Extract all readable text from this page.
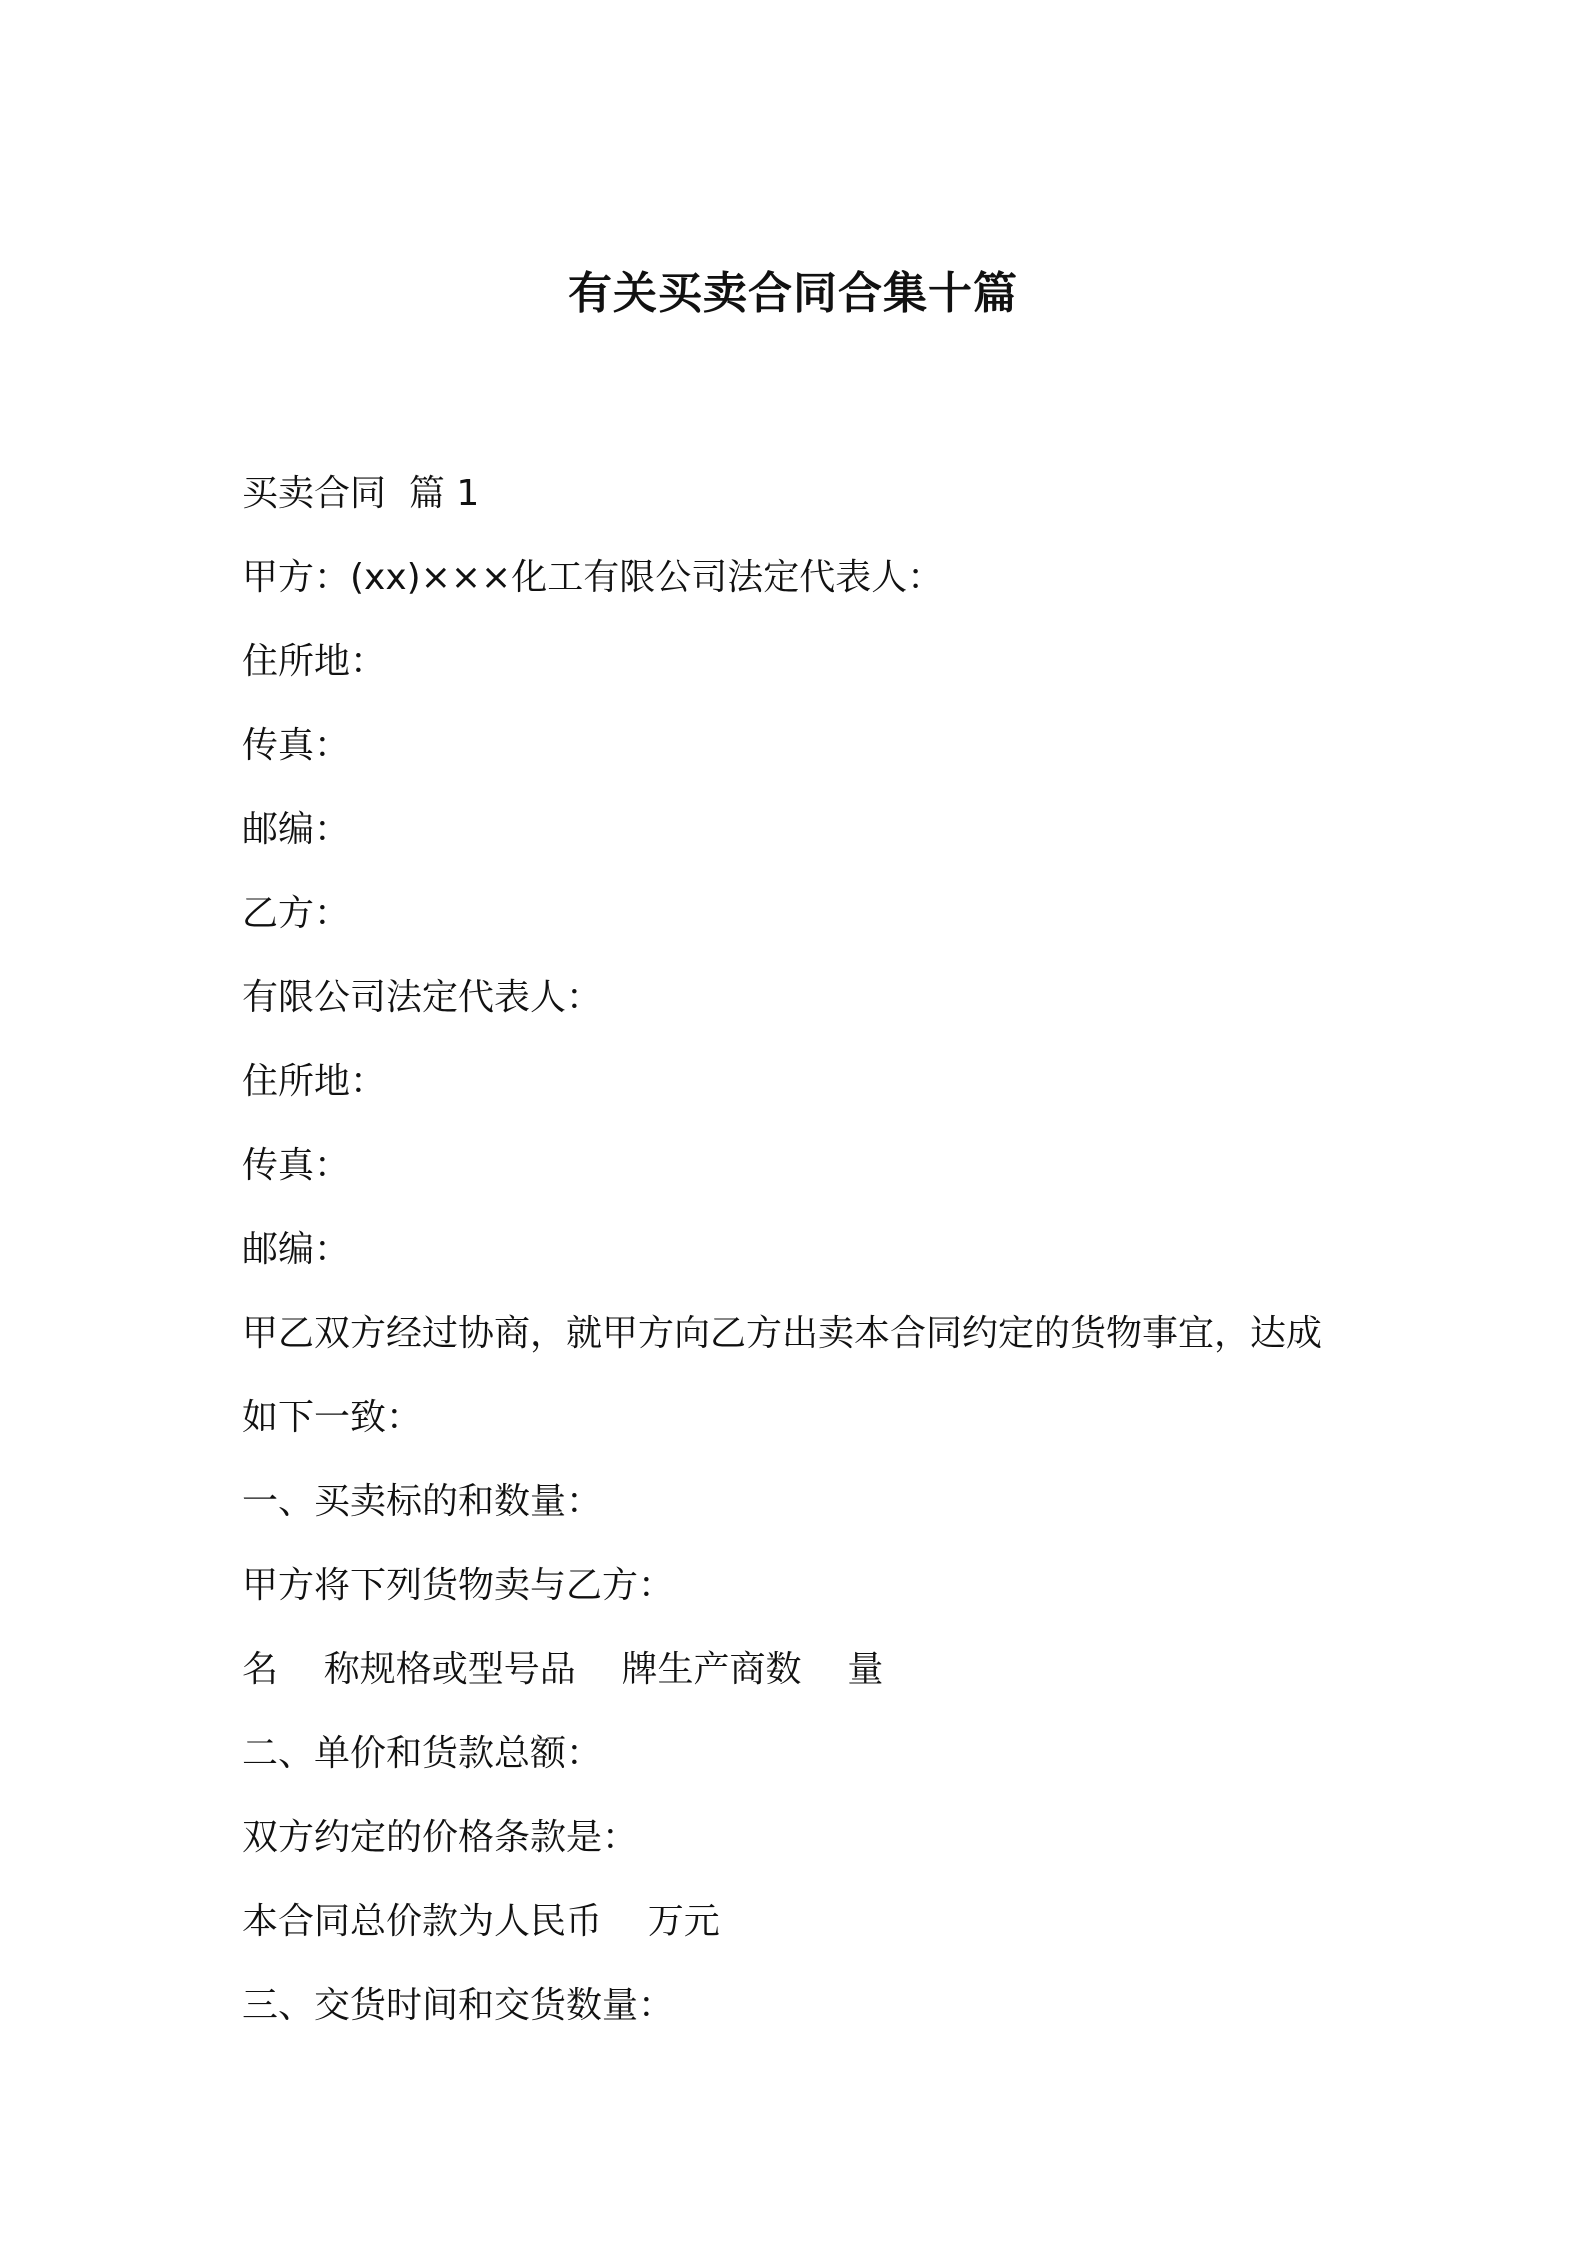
有关买卖合同合集十篇
买卖合同  篇 1
甲方：(xx)×××化工有限公司法定代表人：
住所地：
传真：
邮编：
乙方：
有限公司法定代表人：
住所地：
传真：
邮编：
甲乙双方经过协商，就甲方向乙方出卖本合同约定的货物事宜，达成
如下一致：
一、买卖标的和数量：
甲方将下列货物卖与乙方：
名    称规格或型号品    牌生产商数    量
二、单价和货款总额：
双方约定的价格条款是：
本合同总价款为人民币    万元
三、交货时间和交货数量：
